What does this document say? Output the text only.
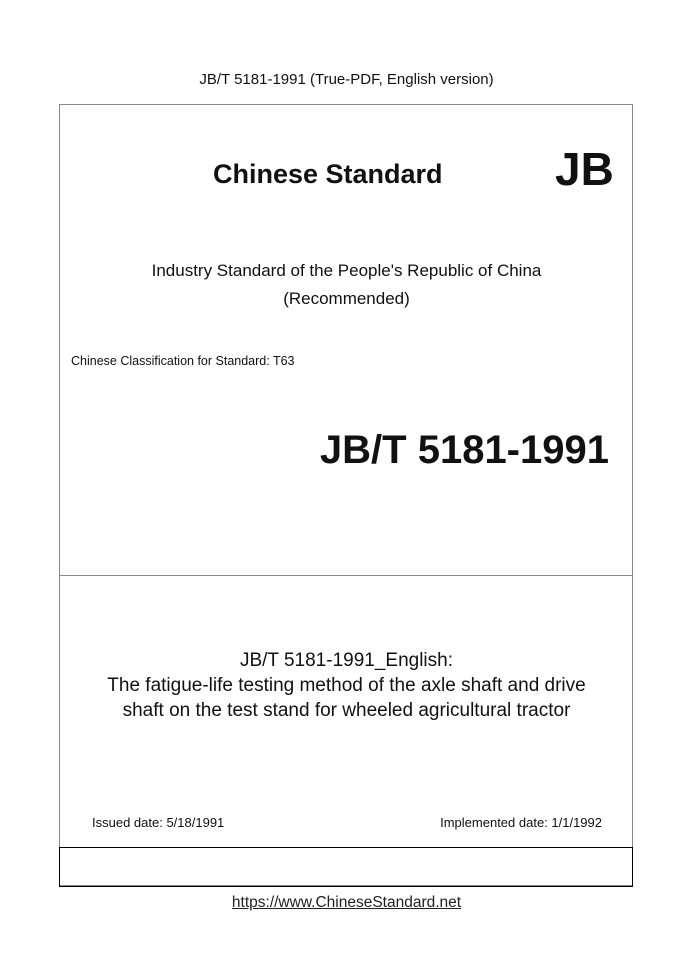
JB/T 5181-1991 (True-PDF, English version)
Chinese Standard JB
Industry Standard of the People's Republic of China
(Recommended)
Chinese Classification for Standard: T63
JB/T 5181-1991
JB/T 5181-1991_English:
The fatigue-life testing method of the axle shaft and drive
shaft on the test stand for wheeled agricultural tractor
Issued date: 5/18/1991	Implemented date: 1/1/1992
https://www.ChineseStandard.net
